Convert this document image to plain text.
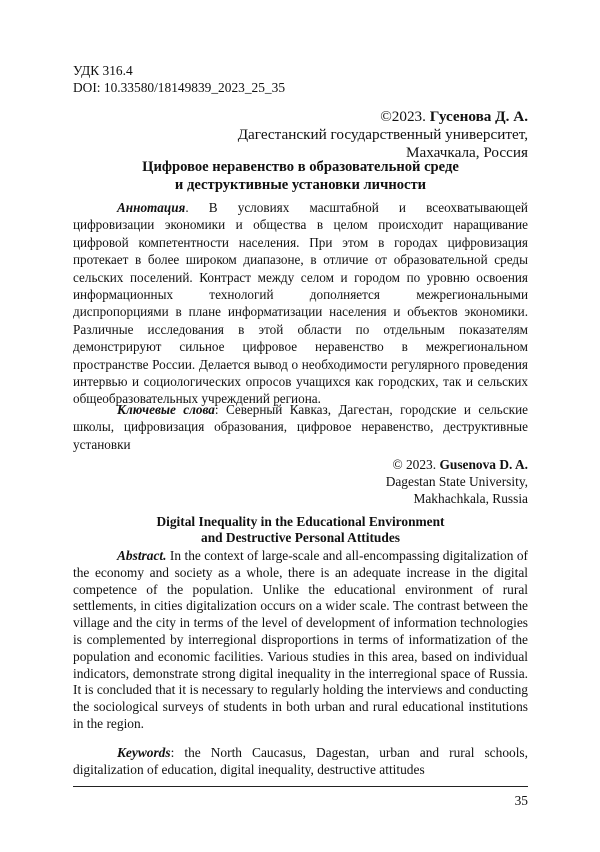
УДК 316.4
DOI: 10.33580/18149839_2023_25_35
©2023. Гусенова Д. А.
Дагестанский государственный университет,
Махачкала, Россия
Цифровое неравенство в образовательной среде
и деструктивные установки личности

Аннотация. В условиях масштабной и всеохватывающей цифровизации экономики и общества в целом происходит наращивание цифровой компетентности населения. При этом в городах цифровизация протекает в более широком диапазоне, в отличие от образовательной среды сельских поселений. Контраст между селом и городом по уровню освоения информационных технологий дополняется межрегиональными диспропорциями в плане информатизации населения и объектов экономики. Различные исследования в этой области по отдельным показателям демонстрируют сильное цифровое неравенство в межрегиональном пространстве России. Делается вывод о необходимости регулярного проведения интервью и социологических опросов учащихся как городских, так и сельских общеобразовательных учреждений региона.

Ключевые слова: Северный Кавказ, Дагестан, городские и сельские школы, цифровизация образования, цифровое неравенство, деструктивные установки

© 2023. Gusenova D. A.
Dagestan State University,
Makhachkala, Russia
Digital Inequality in the Educational Environment
and Destructive Personal Attitudes

Abstract. In the context of large-scale and all-encompassing digitalization of the economy and society as a whole, there is an adequate increase in the digital competence of the population. Unlike the educational environment of rural settlements, in cities digitalization occurs on a wider scale. The contrast between the village and the city in terms of the level of development of information technologies is complemented by interregional disproportions in terms of informatization of the population and economic facilities. Various studies in this area, based on individual indicators, demonstrate strong digital inequality in the interregional space of Russia. It is concluded that it is necessary to regularly holding the interviews and conducting the sociological surveys of students in both urban and rural educational institutions in the region.

Keywords: the North Caucasus, Dagestan, urban and rural schools, digitalization of education, digital inequality, destructive attitudes

35
